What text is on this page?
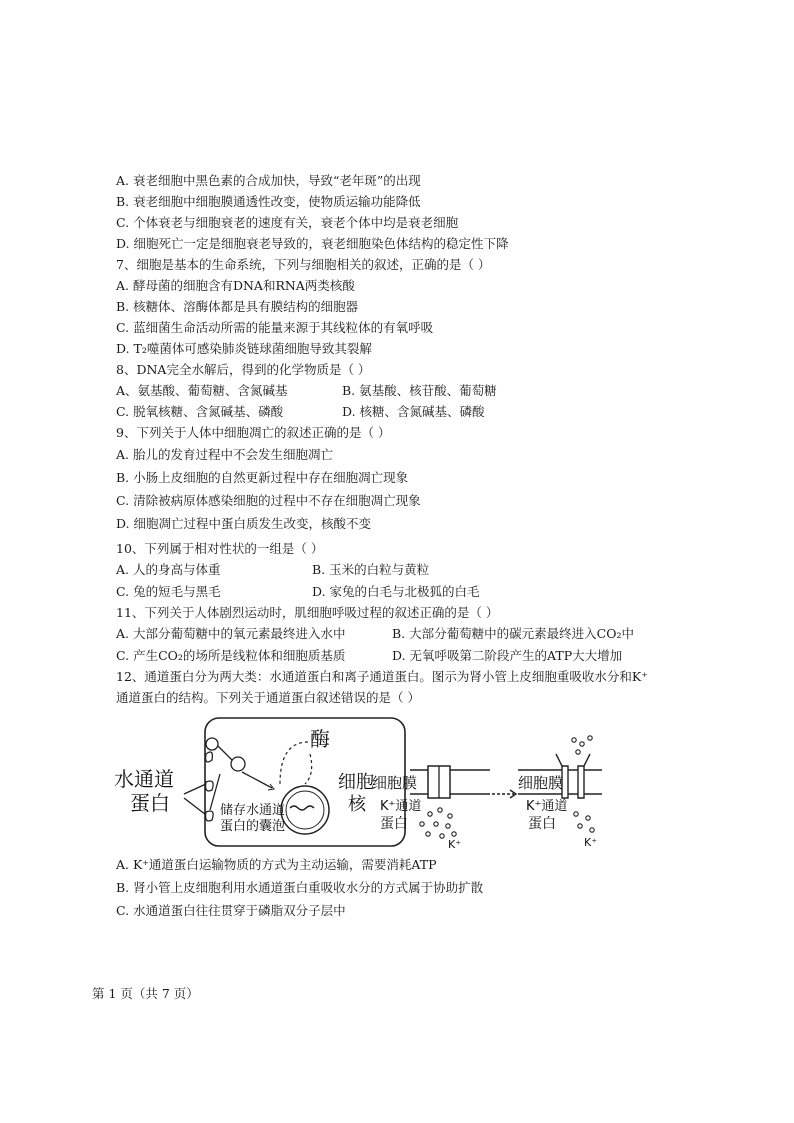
A. 衰老细胞中黑色素的合成加快，导致“老年斑”的出现
B. 衰老细胞中细胞膜通透性改变，使物质运输功能降低
C. 个体衰老与细胞衰老的速度有关，衰老个体中均是衰老细胞
D. 细胞死亡一定是细胞衰老导致的，衰老细胞染色体结构的稳定性下降
7、细胞是基本的生命系统，下列与细胞相关的叙述，正确的是（ ）
A. 酵母菌的细胞含有DNA和RNA两类核酸
B. 核糖体、溶酶体都是具有膜结构的细胞器
C. 蓝细菌生命活动所需的能量来源于其线粒体的有氧呼吸
D. T₂噬菌体可感染肺炎链球菌细胞导致其裂解
8、DNA完全水解后，得到的化学物质是（ ）
A、氨基酸、葡萄糖、含氮碱基	B. 氨基酸、核苷酸、葡萄糖
C. 脱氧核糖、含氮碱基、磷酸	D. 核糖、含氮碱基、磷酸
9、下列关于人体中细胞凋亡的叙述正确的是（ ）
A. 胎儿的发育过程中不会发生细胞凋亡
B. 小肠上皮细胞的自然更新过程中存在细胞凋亡现象
C. 清除被病原体感染细胞的过程中不存在细胞凋亡现象
D. 细胞凋亡过程中蛋白质发生改变，核酸不变
10、下列属于相对性状的一组是（ ）
A. 人的身高与体重	B. 玉米的白粒与黄粒
C. 兔的短毛与黑毛	D. 家兔的白毛与北极狐的白毛
11、下列关于人体剧烈运动时，肌细胞呼吸过程的叙述正确的是（ ）
A. 大部分葡萄糖中的氧元素最终进入水中	B. 大部分葡萄糖中的碳元素最终进入CO₂中
C. 产生CO₂的场所是线粒体和细胞质基质	D. 无氧呼吸第二阶段产生的ATP大大增加
12、通道蛋白分为两大类：水通道蛋白和离子通道蛋白。图示为肾小管上皮细胞重吸收水分和K⁺
通道蛋白的结构。下列关于通道蛋白叙述错误的是（ ）
水通道
蛋白
酶
细胞
核
储存水通道
蛋白的囊泡
细胞膜
K⁺通道
蛋白
K⁺
细胞膜
K⁺通道
蛋白
K⁺
A. K⁺通道蛋白运输物质的方式为主动运输，需要消耗ATP
B. 肾小管上皮细胞利用水通道蛋白重吸收水分的方式属于协助扩散
C. 水通道蛋白往往贯穿于磷脂双分子层中
第 1 页（共 7 页）
